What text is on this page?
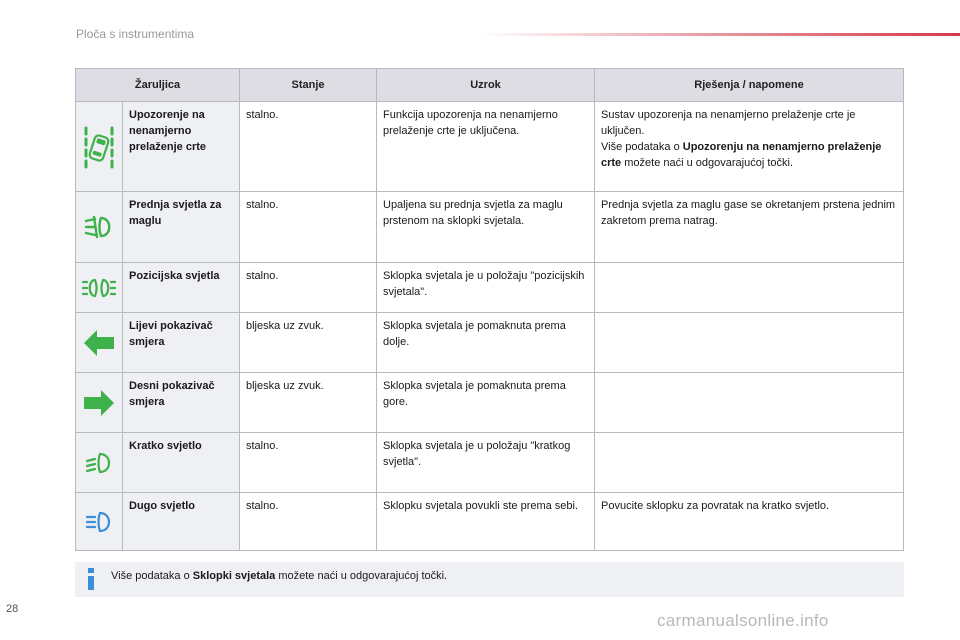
Ploča s instrumentima
Žaruljica		Stanje	Uzrok	Rješenja / napomene

	Upozorenje na nenamjerno prelaženje crte	stalno.	Funkcija upozorenja na nenamjerno prelaženje crte je uključena.	Sustav upozorenja na nenamjerno prelaženje crte je uključen.
Više podataka o Upozorenju na nenamjerno prelaženje crte možete naći u odgovarajućoj točki.

	Prednja svjetla za maglu	stalno.	Upaljena su prednja svjetla za maglu prstenom na sklopki svjetala.	Prednja svjetla za maglu gase se okretanjem prstena jednim zakretom prema natrag.

	Pozicijska svjetla	stalno.	Sklopka svjetala je u položaju "pozicijskih svjetala".	

	Lijevi pokazivač smjera	bljeska uz zvuk.	Sklopka svjetala je pomaknuta prema dolje.	

	Desni pokazivač smjera	bljeska uz zvuk.	Sklopka svjetala je pomaknuta prema gore.	

	Kratko svjetlo	stalno.	Sklopka svjetala je u položaju "kratkog svjetla".	

	Dugo svjetlo	stalno.	Sklopku svjetala povukli ste prema sebi.	Povucite sklopku za povratak na kratko svjetlo.
Više podataka o Sklopki svjetala možete naći u odgovarajućoj točki.
28
carmanualsonline.info
